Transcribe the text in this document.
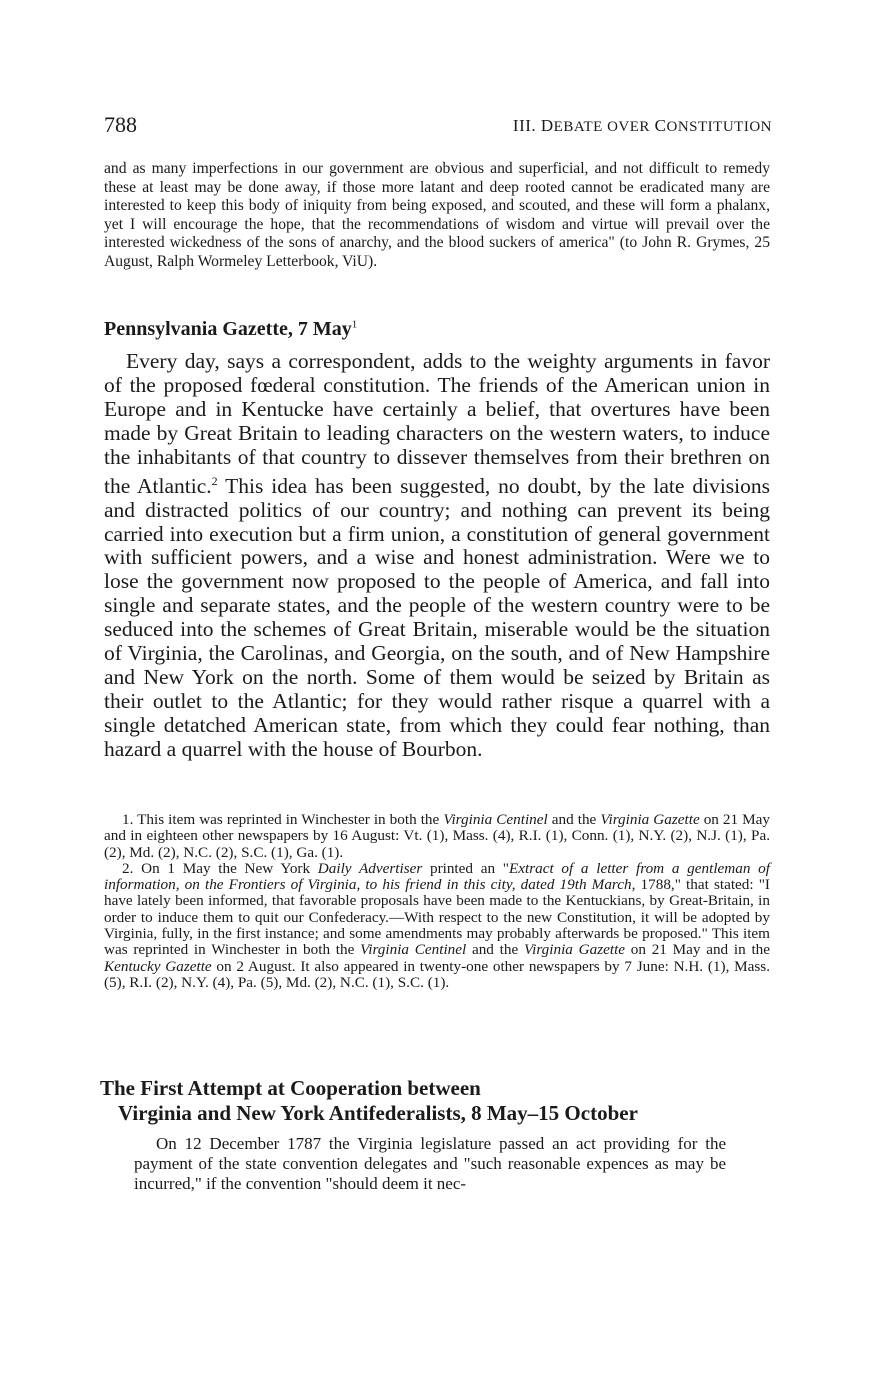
788	III. DEBATE OVER CONSTITUTION
and as many imperfections in our government are obvious and superficial, and not difficult to remedy these at least may be done away, if those more latant and deep rooted cannot be eradicated many are interested to keep this body of iniquity from being exposed, and scouted, and these will form a phalanx, yet I will encourage the hope, that the recommendations of wisdom and virtue will prevail over the interested wickedness of the sons of anarchy, and the blood suckers of america" (to John R. Grymes, 25 August, Ralph Wormeley Letterbook, ViU).
Pennsylvania Gazette, 7 May$^1$

Every day, says a correspondent, adds to the weighty arguments in favor of the proposed fœderal constitution. The friends of the American union in Europe and in Kentucke have certainly a belief, that overtures have been made by Great Britain to leading characters on the western waters, to induce the inhabitants of that country to dissever themselves from their brethren on the Atlantic.$^2$ This idea has been suggested, no doubt, by the late divisions and distracted politics of our country; and nothing can prevent its being carried into execution but a firm union, a constitution of general government with sufficient powers, and a wise and honest administration. Were we to lose the government now proposed to the people of America, and fall into single and separate states, and the people of the western country were to be seduced into the schemes of Great Britain, miserable would be the situation of Virginia, the Carolinas, and Georgia, on the south, and of New Hampshire and New York on the north. Some of them would be seized by Britain as their outlet to the Atlantic; for they would rather risque a quarrel with a single detatched American state, from which they could fear nothing, than hazard a quarrel with the house of Bourbon.

1. This item was reprinted in Winchester in both the Virginia Centinel and the Virginia Gazette on 21 May and in eighteen other newspapers by 16 August: Vt. (1), Mass. (4), R.I. (1), Conn. (1), N.Y. (2), N.J. (1), Pa. (2), Md. (2), N.C. (2), S.C. (1), Ga. (1).

2. On 1 May the New York Daily Advertiser printed an "Extract of a letter from a gentleman of information, on the Frontiers of Virginia, to his friend in this city, dated 19th March, 1788," that stated: "I have lately been informed, that favorable proposals have been made to the Kentuckians, by Great-Britain, in order to induce them to quit our Confederacy.—With respect to the new Constitution, it will be adopted by Virginia, fully, in the first instance; and some amendments may probably afterwards be proposed." This item was reprinted in Winchester in both the Virginia Centinel and the Virginia Gazette on 21 May and in the Kentucky Gazette on 2 August. It also appeared in twenty-one other newspapers by 7 June: N.H. (1), Mass. (5), R.I. (2), N.Y. (4), Pa. (5), Md. (2), N.C. (1), S.C. (1).

The First Attempt at Cooperation between
Virginia and New York Antifederalists, 8 May–15 October

On 12 December 1787 the Virginia legislature passed an act providing for the payment of the state convention delegates and "such reasonable expences as may be incurred," if the convention "should deem it nec-
